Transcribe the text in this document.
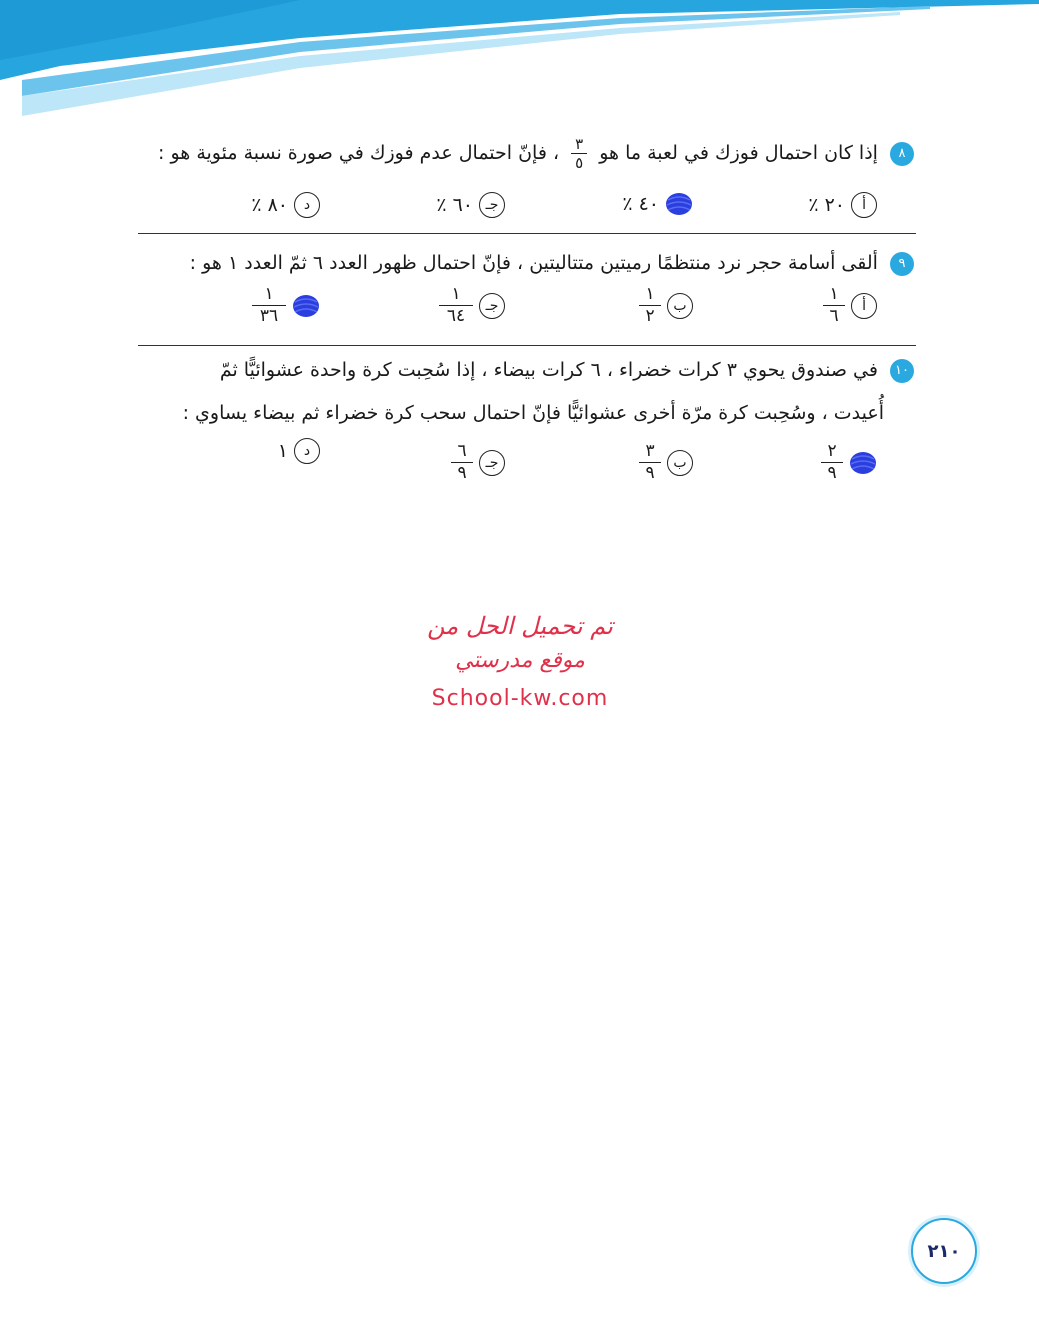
٨ إذا كان احتمال فوزك في لعبة ما هو
$\frac{٣}{٥}$
، فإنّ احتمال عدم فوزك في صورة نسبة مئوية هو :
أ
٢٠ ٪
٤٠ ٪
جـ
٦٠ ٪
د
٨٠ ٪
٩ ألقى أسامة حجر نرد منتظمًا رميتين متتاليتين ، فإنّ احتمال ظهور العدد ٦ ثمّ العدد ١ هو :
أ
١
٦
ب
١
٢
جـ
١
٦٤
١
٣٦
١٠ في صندوق يحوي ٣ كرات خضراء ، ٦ كرات بيضاء ، إذا سُحِبت كرة واحدة عشوائيًّا ثمّ
أُعيدت ، وسُحِبت كرة مرّة أخرى عشوائيًّا فإنّ احتمال سحب كرة خضراء ثم بيضاء يساوي :
٢
٩
ب
٣
٩
جـ
٦
٩
د
١
تم تحميل الحل من
موقع مدرستي
School-kw.com
٢١٠
